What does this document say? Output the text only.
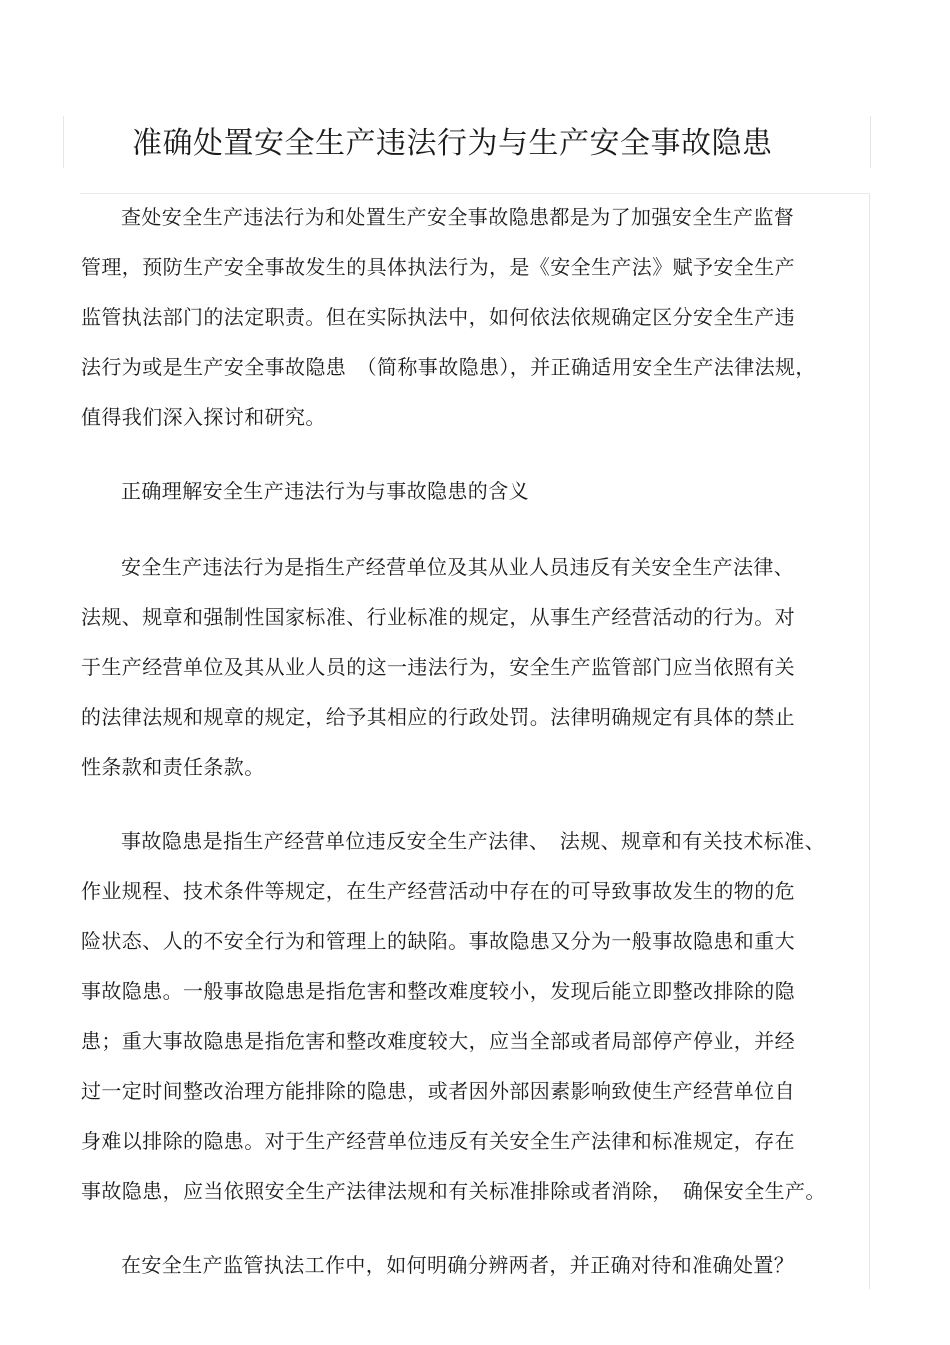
准确处置安全生产违法行为与生产安全事故隐患
查处安全生产违法行为和处置生产安全事故隐患都是为了加强安全生产监督
管理，预防生产安全事故发生的具体执法行为，是《安全生产法》赋予安全生产
监管执法部门的法定职责。但在实际执法中，如何依法依规确定区分安全生产违
法行为或是生产安全事故隐患　（简称事故隐患），并正确适用安全生产法律法规，
值得我们深入探讨和研究。
正确理解安全生产违法行为与事故隐患的含义
安全生产违法行为是指生产经营单位及其从业人员违反有关安全生产法律、
法规、规章和强制性国家标准、行业标准的规定，从事生产经营活动的行为。对
于生产经营单位及其从业人员的这一违法行为，安全生产监管部门应当依照有关
的法律法规和规章的规定，给予其相应的行政处罚。法律明确规定有具体的禁止
性条款和责任条款。
事故隐患是指生产经营单位违反安全生产法律、　法规、规章和有关技术标准、
作业规程、技术条件等规定，在生产经营活动中存在的可导致事故发生的物的危
险状态、人的不安全行为和管理上的缺陷。事故隐患又分为一般事故隐患和重大
事故隐患。一般事故隐患是指危害和整改难度较小，发现后能立即整改排除的隐
患；重大事故隐患是指危害和整改难度较大，应当全部或者局部停产停业，并经
过一定时间整改治理方能排除的隐患，或者因外部因素影响致使生产经营单位自
身难以排除的隐患。对于生产经营单位违反有关安全生产法律和标准规定，存在
事故隐患，应当依照安全生产法律法规和有关标准排除或者消除，　确保安全生产。
在安全生产监管执法工作中，如何明确分辨两者，并正确对待和准确处置？
